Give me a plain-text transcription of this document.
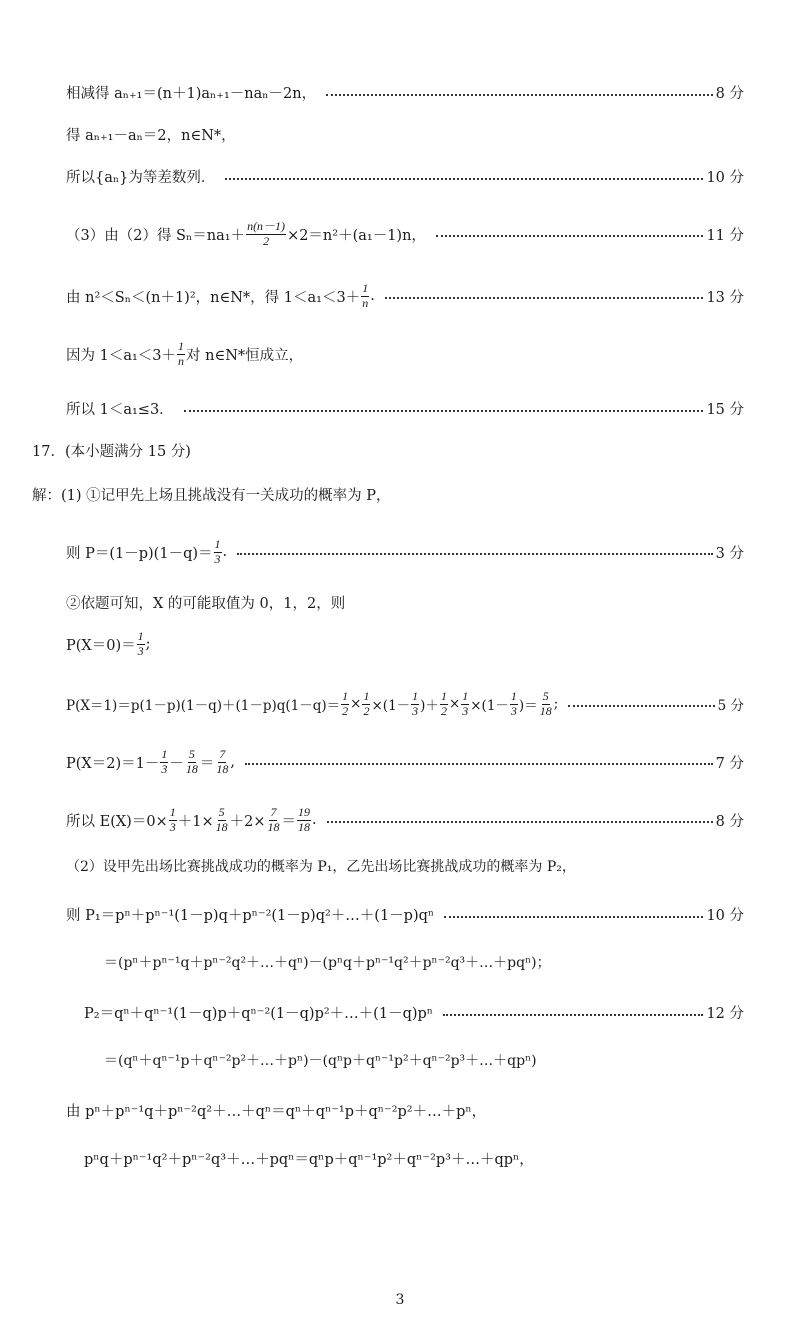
相减得 aₙ₊₁＝(n＋1)aₙ₊₁－naₙ－2n，	8 分
得 aₙ₊₁－aₙ＝2，n∈N*，
所以{aₙ}为等差数列．	10 分
（3）由（2）得 $S_n=na_1+ \frac{n(n-1)}{2} \times 2=n^2+(a_1-1)n$，	11 分
由 n²＜Sₙ＜(n＋1)²，n∈N*，得 1＜a₁＜3＋
1
n .	13 分
因为 1＜a₁＜3＋
1
n 对 n∈N*恒成立，
所以 1＜a₁≤3．	15 分
17．(本小题满分 15 分)
解：(1) ①记甲先上场且挑战没有一关成功的概率为 P，
则 P＝(1－p)(1－q)＝
1
3 .	3 分
②依题可知，X 的可能取值为 0，1，2，则
P(X＝0)＝
1
3 ;
P(X＝1)＝p(1－p)(1－q)＋(1－p)q(1－q)＝
1
2 ×
1
2 ×(1－
1
3 )＋
1
2 ×
1
3 ×(1－
1
3 )＝
5
18 ;	5 分
P(X＝2)＝1－
1
3 －
5
18 ＝
7
18 ,	7 分
所以 $E(X)=0\times \frac{1}{3} +1\times$
5
18 ＋2×
7
18 ＝
19
18 .	8 分
（2）设甲先出场比赛挑战成功的概率为 P₁，乙先出场比赛挑战成功的概率为 P₂，
则 P₁＝pⁿ＋pⁿ⁻¹(1－p)q＋pⁿ⁻²(1－p)q²＋…＋(1－p)qⁿ	10 分
＝(pⁿ＋pⁿ⁻¹q＋pⁿ⁻²q²＋…＋qⁿ)－(pⁿq＋pⁿ⁻¹q²＋pⁿ⁻²q³＋…＋pqⁿ)；
P₂＝qⁿ＋qⁿ⁻¹(1－q)p＋qⁿ⁻²(1－q)p²＋…＋(1－q)pⁿ	12 分
＝(qⁿ＋qⁿ⁻¹p＋qⁿ⁻²p²＋…＋pⁿ)－(qⁿp＋qⁿ⁻¹p²＋qⁿ⁻²p³＋…＋qpⁿ)
由 pⁿ＋pⁿ⁻¹q＋pⁿ⁻²q²＋…＋qⁿ＝qⁿ＋qⁿ⁻¹p＋qⁿ⁻²p²＋…＋pⁿ，
pⁿq＋pⁿ⁻¹q²＋pⁿ⁻²q³＋…＋pqⁿ＝qⁿp＋qⁿ⁻¹p²＋qⁿ⁻²p³＋…＋qpⁿ，
3
